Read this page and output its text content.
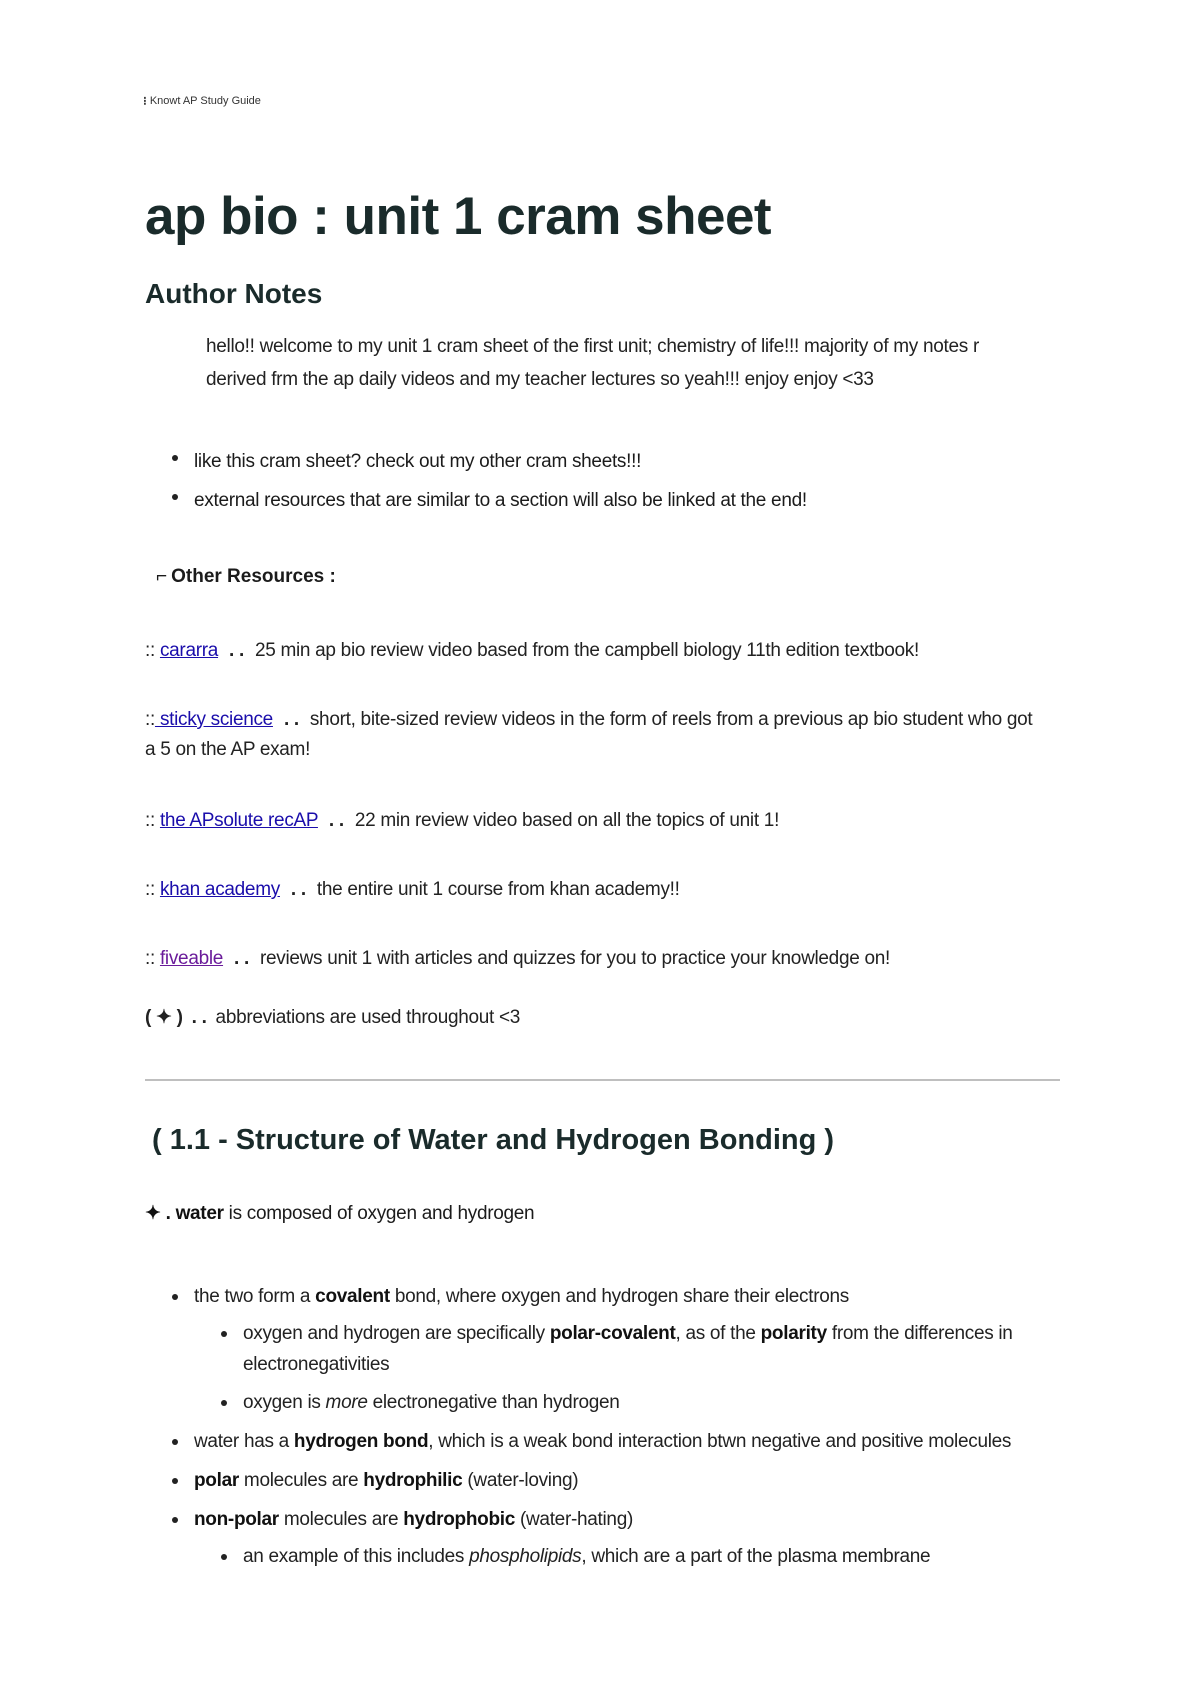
⁝ Knowt AP Study Guide
ap bio : unit 1 cram sheet
Author Notes
hello!! welcome to my unit 1 cram sheet of the first unit; chemistry of life!!! majority of my notes r derived frm the ap daily videos and my teacher lectures so yeah!!! enjoy enjoy <33
like this cram sheet? check out my other cram sheets!!!
external resources that are similar to a section will also be linked at the end!
⌐ Other Resources :
:: cararra . . 25 min ap bio review video based from the campbell biology 11th edition textbook!
:: sticky science . . short, bite-sized review videos in the form of reels from a previous ap bio student who got a 5 on the AP exam!
:: the APsolute recAP . . 22 min review video based on all the topics of unit 1!
:: khan academy . . the entire unit 1 course from khan academy!!
:: fiveable . . reviews unit 1 with articles and quizzes for you to practice your knowledge on!
( ✦ ) . . abbreviations are used throughout <3
( 1.1 - Structure of Water and Hydrogen Bonding )
✦ . water is composed of oxygen and hydrogen
the two form a covalent bond, where oxygen and hydrogen share their electrons
oxygen and hydrogen are specifically polar-covalent, as of the polarity from the differences in electronegativities
oxygen is more electronegative than hydrogen
water has a hydrogen bond, which is a weak bond interaction btwn negative and positive molecules
polar molecules are hydrophilic (water-loving)
non-polar molecules are hydrophobic (water-hating)
an example of this includes phospholipids, which are a part of the plasma membrane
